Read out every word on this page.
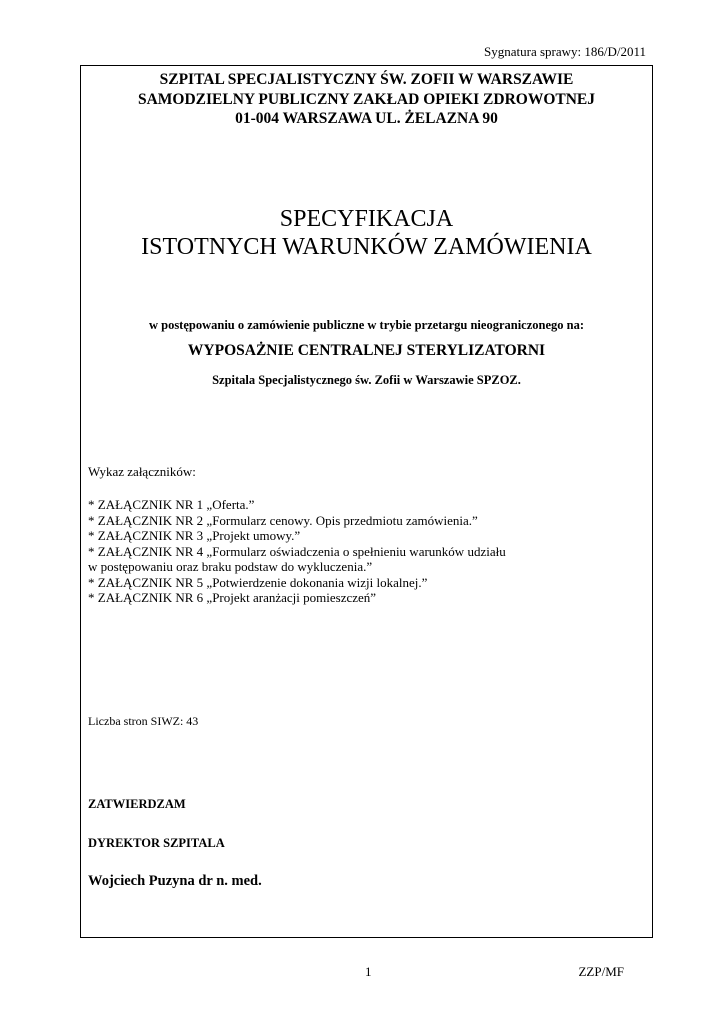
Sygnatura sprawy: 186/D/2011
SZPITAL SPECJALISTYCZNY ŚW. ZOFII W WARSZAWIE
SAMODZIELNY PUBLICZNY ZAKŁAD OPIEKI ZDROWOTNEJ
01-004 WARSZAWA UL. ŻELAZNA 90
SPECYFIKACJA
ISTOTNYCH WARUNKÓW ZAMÓWIENIA
w postępowaniu o zamówienie publiczne w trybie przetargu nieograniczonego na:
WYPOSAŻNIE CENTRALNEJ STERYLIZATORNI
Szpitala Specjalistycznego św. Zofii w Warszawie SPZOZ.
Wykaz załączników:
* ZAŁĄCZNIK NR 1 „Oferta.”
* ZAŁĄCZNIK NR 2 „Formularz cenowy. Opis przedmiotu zamówienia.”
* ZAŁĄCZNIK NR 3 „Projekt umowy.”
* ZAŁĄCZNIK NR 4 „Formularz oświadczenia o spełnieniu warunków udziału
w postępowaniu oraz braku podstaw do wykluczenia.”
* ZAŁĄCZNIK NR 5 „Potwierdzenie dokonania wizji lokalnej.”
* ZAŁĄCZNIK NR 6 „Projekt aranżacji pomieszczeń”
Liczba stron SIWZ: 43
ZATWIERDZAM
DYREKTOR SZPITALA
Wojciech Puzyna dr n. med.
1	ZZP/MF
